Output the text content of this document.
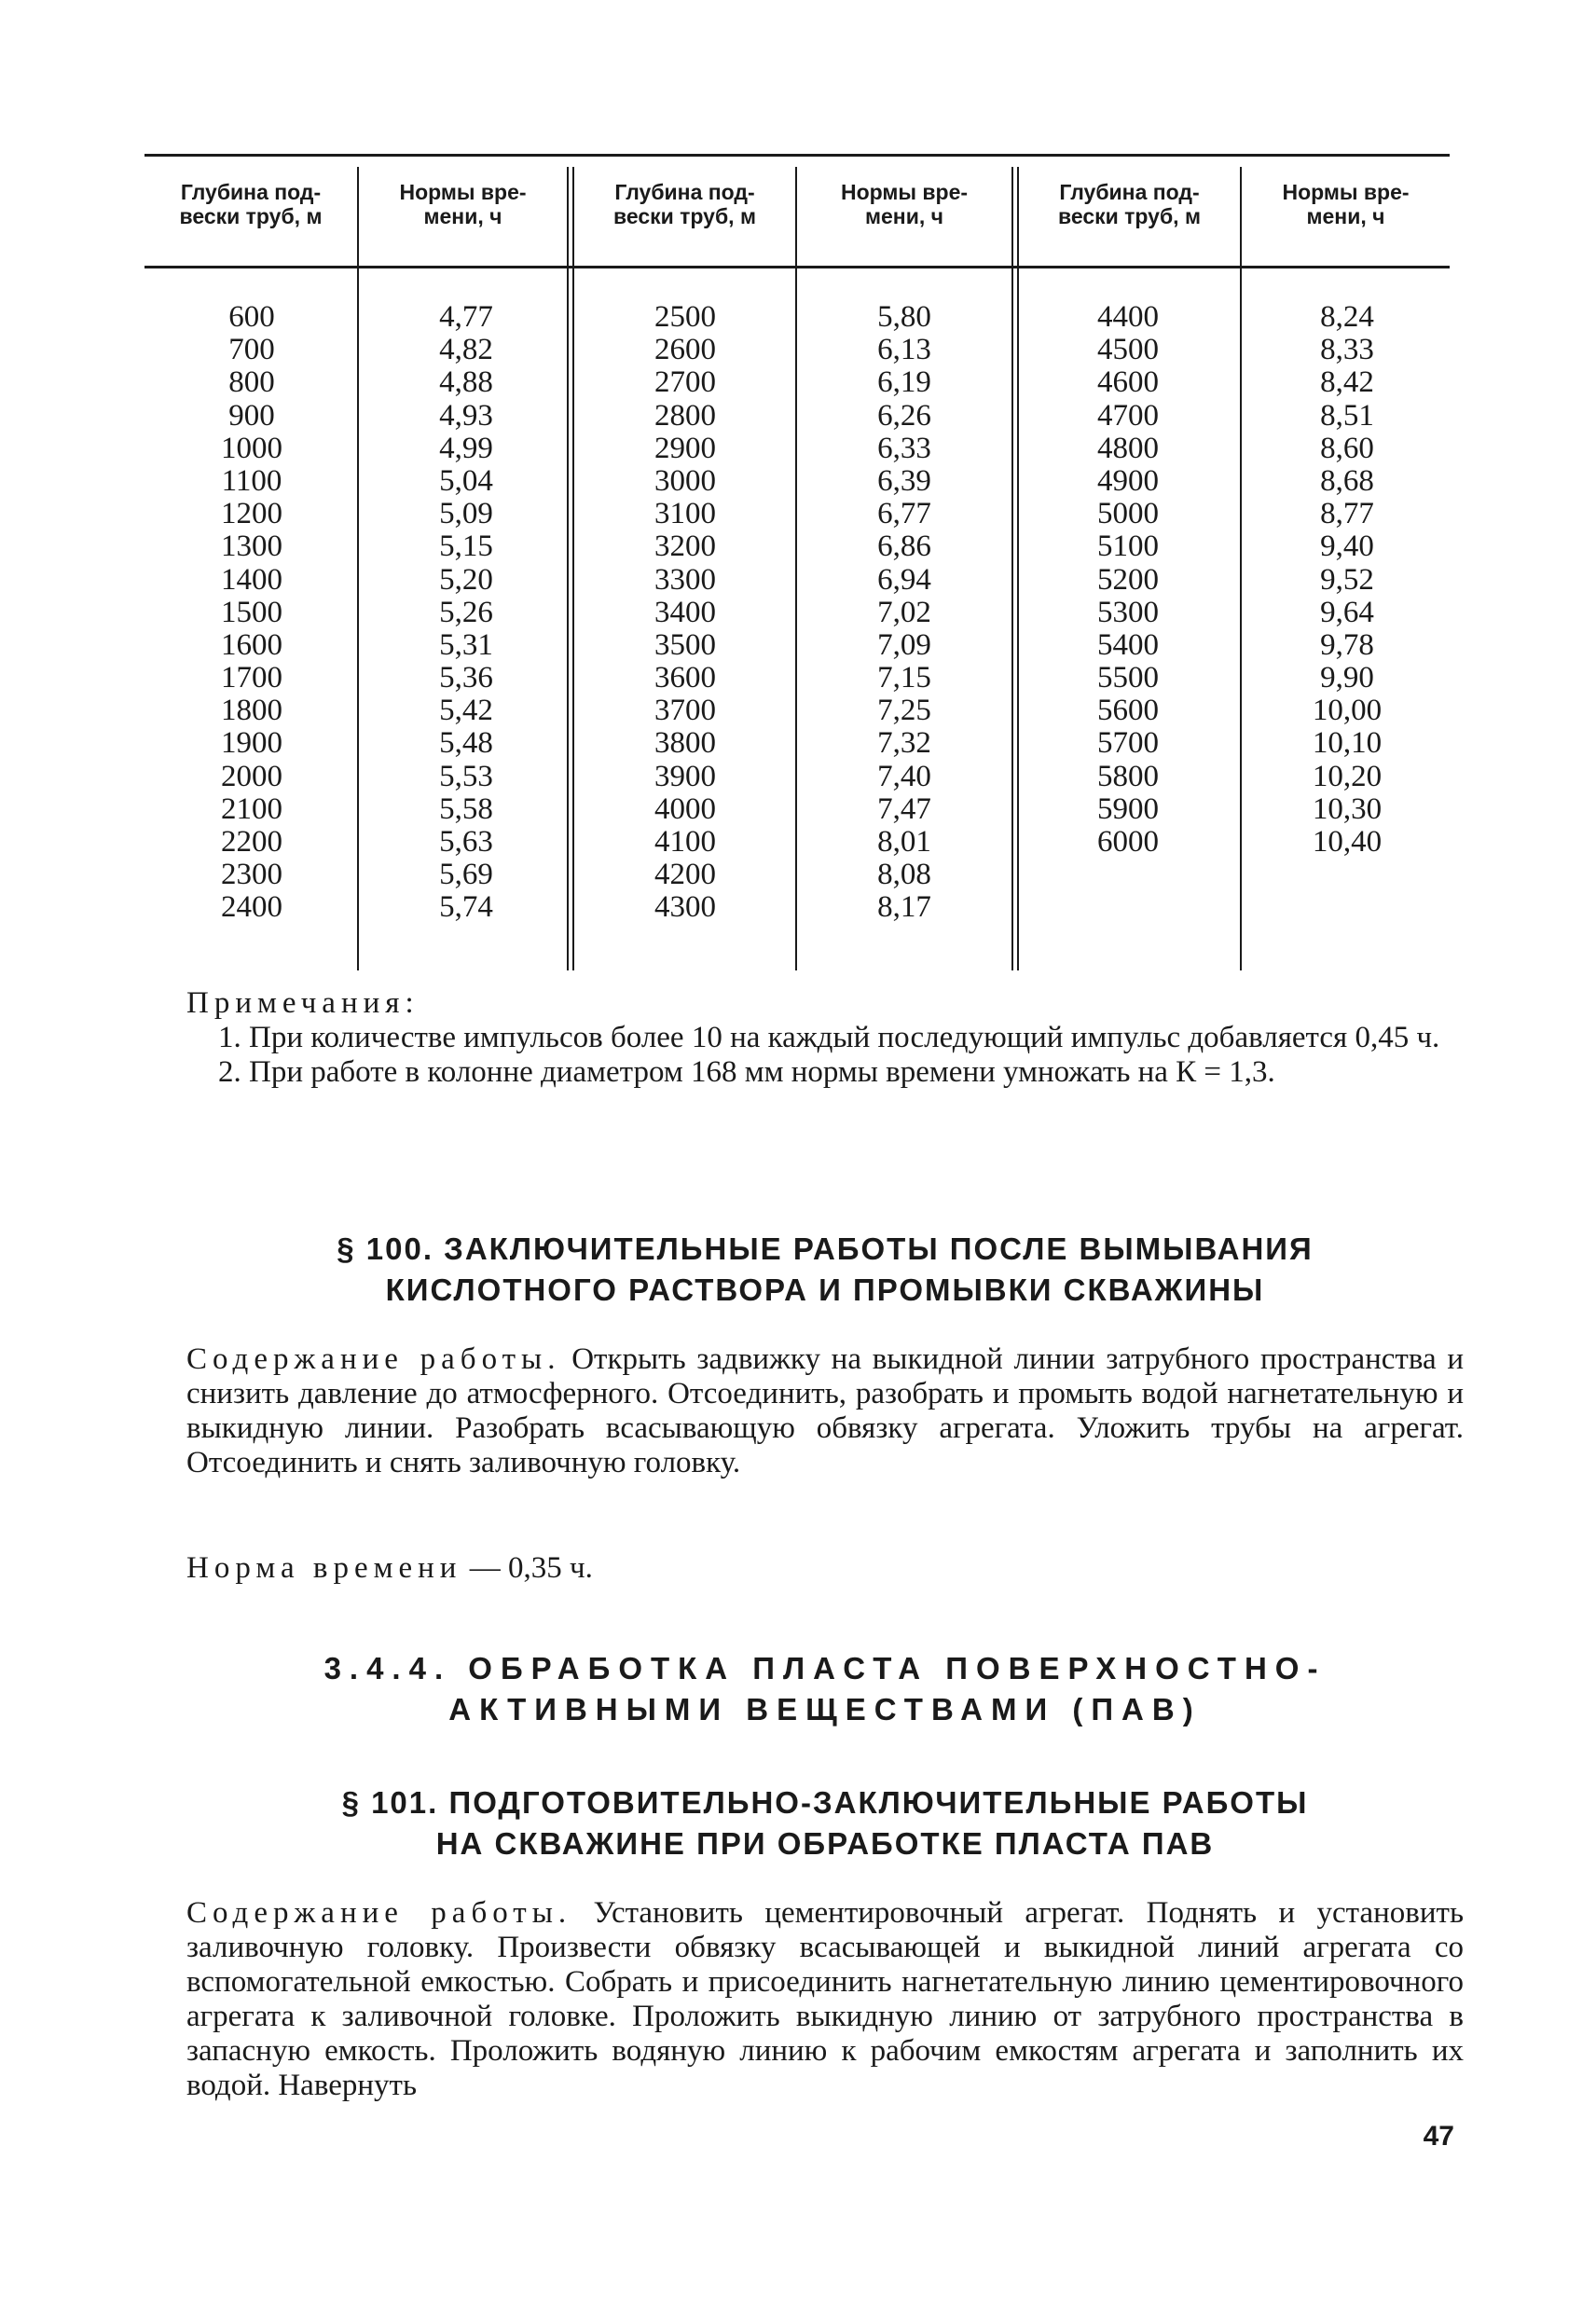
Глубина под-
вески труб, м
Нормы вре-
мени, ч
Глубина под-
вески труб, м
Нормы вре-
мени, ч
Глубина под-
вески труб, м
Нормы вре-
мени, ч
600
700
800
900
1000
1100
1200
1300
1400
1500
1600
1700
1800
1900
2000
2100
2200
2300
2400
4,77
4,82
4,88
4,93
4,99
5,04
5,09
5,15
5,20
5,26
5,31
5,36
5,42
5,48
5,53
5,58
5,63
5,69
5,74
2500
2600
2700
2800
2900
3000
3100
3200
3300
3400
3500
3600
3700
3800
3900
4000
4100
4200
4300
5,80
6,13
6,19
6,26
6,33
6,39
6,77
6,86
6,94
7,02
7,09
7,15
7,25
7,32
7,40
7,47
8,01
8,08
8,17
4400
4500
4600
4700
4800
4900
5000
5100
5200
5300
5400
5500
5600
5700
5800
5900
6000
8,24
8,33
8,42
8,51
8,60
8,68
8,77
9,40
9,52
9,64
9,78
9,90
10,00
10,10
10,20
10,30
10,40
Примечания:
1. При количестве импульсов более 10 на каждый последующий импульс добавляется 0,45 ч.
2. При работе в колонне диаметром 168 мм нормы времени умножать на К = 1,3.
§ 100. ЗАКЛЮЧИТЕЛЬНЫЕ РАБОТЫ ПОСЛЕ ВЫМЫВАНИЯ
КИСЛОТНОГО РАСТВОРА И ПРОМЫВКИ СКВАЖИНЫ
Содержание работы. Открыть задвижку на выкидной линии затрубного пространства и снизить давление до атмосферного. Отсоединить, разобрать и промыть водой нагнетательную и выкидную линии. Разобрать всасывающую обвязку агрегата. Уложить трубы на агрегат. Отсоединить и снять заливочную головку.
Норма времени — 0,35 ч.
3.4.4. ОБРАБОТКА ПЛАСТА ПОВЕРХНОСТНО-
АКТИВНЫМИ ВЕЩЕСТВАМИ (ПАВ)
§ 101. ПОДГОТОВИТЕЛЬНО-ЗАКЛЮЧИТЕЛЬНЫЕ РАБОТЫ
НА СКВАЖИНЕ ПРИ ОБРАБОТКЕ ПЛАСТА ПАВ
Содержание работы. Установить цементировочный агрегат. Поднять и установить заливочную головку. Произвести обвязку всасывающей и выкидной линий агрегата со вспомогательной емкостью. Собрать и присоединить нагнетательную линию цементировочного агрегата к заливочной головке. Проложить выкидную линию от затрубного пространства в запасную емкость. Проложить водяную линию к рабочим емкостям агрегата и заполнить их водой. Навернуть
47
